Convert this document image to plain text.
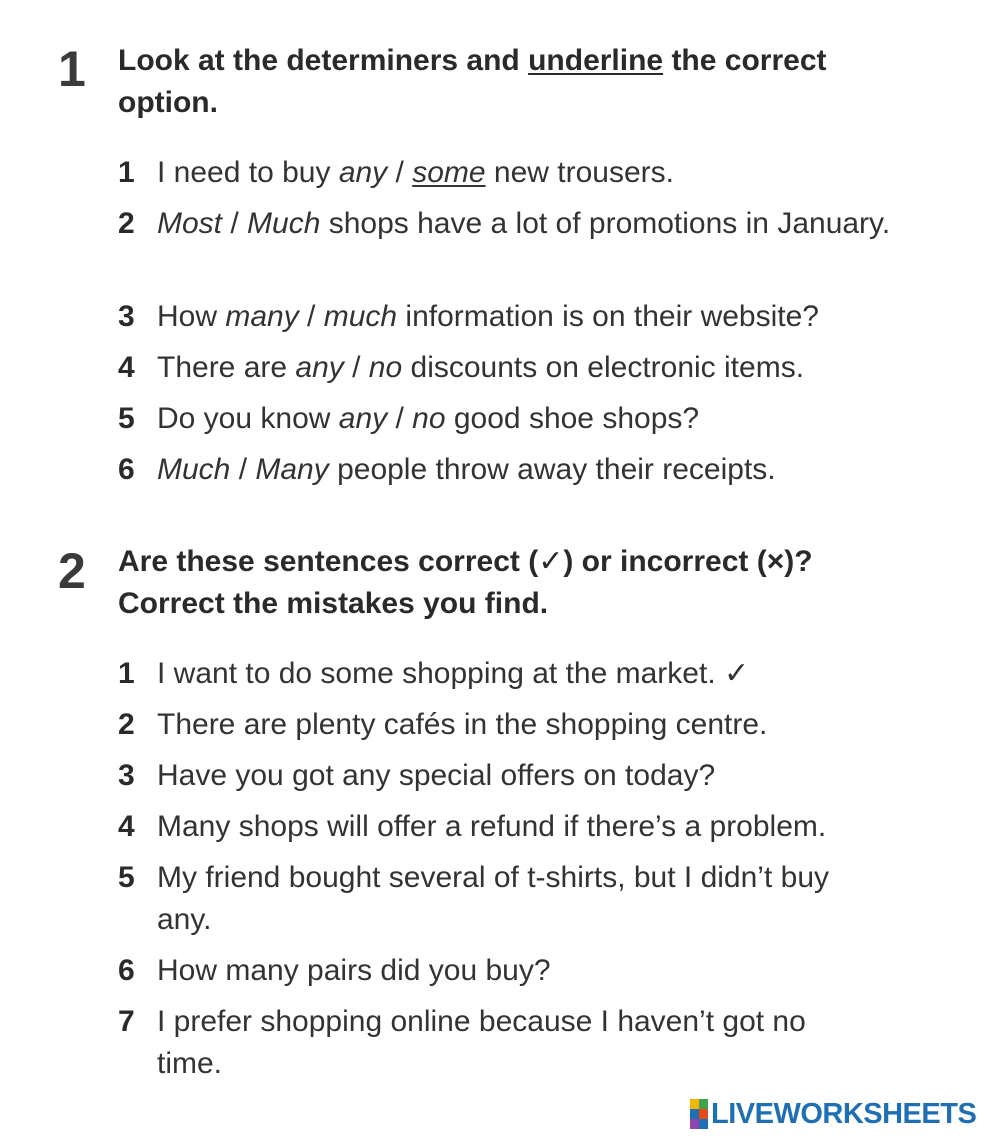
1 Look at the determiners and underline the correct option.
1 I need to buy any / some new trousers.
2 Most / Much shops have a lot of promotions in January.
3 How many / much information is on their website?
4 There are any / no discounts on electronic items.
5 Do you know any / no good shoe shops?
6 Much / Many people throw away their receipts.
2 Are these sentences correct (✓) or incorrect (×)?
Correct the mistakes you find.
1 I want to do some shopping at the market. ✓
2 There are plenty cafés in the shopping centre.
3 Have you got any special offers on today?
4 Many shops will offer a refund if there’s a problem.
5 My friend bought several of t-shirts, but I didn’t buy any.
6 How many pairs did you buy?
7 I prefer shopping online because I haven’t got no time.
LIVEWORKSHEETS
